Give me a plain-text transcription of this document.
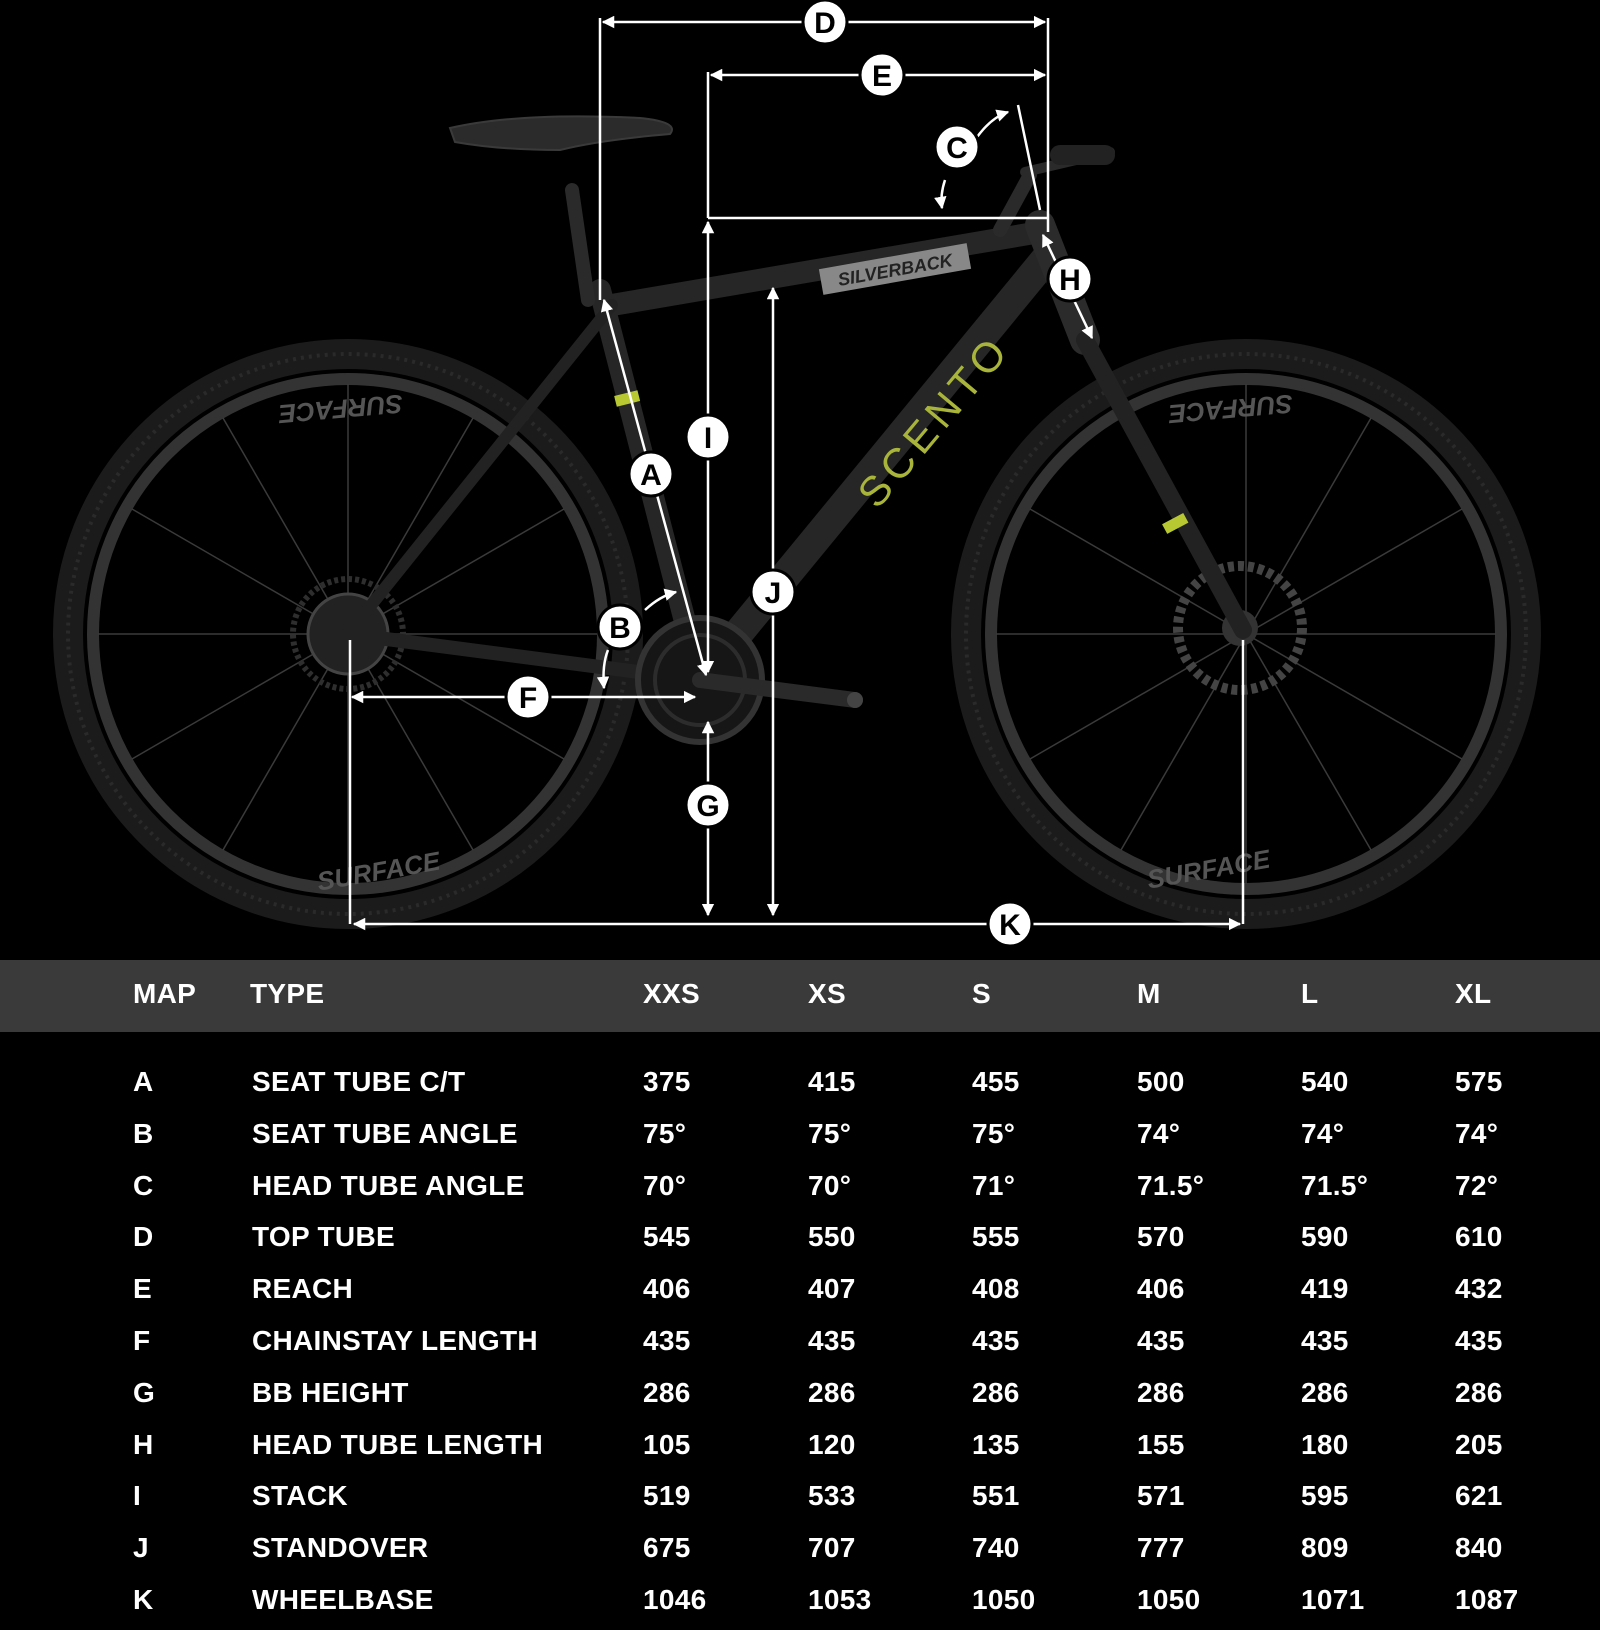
SURFACE
SURFACE
SURFACE
SURFACE
SILVERBACK
SCENTO
D
E
C
H
I
A
J
B
F
G
K
MAP TYPE	XXS	XS	S	M	L	XL
A	SEAT TUBE C/T	375	415	455	500	540	575
B	SEAT TUBE ANGLE	75°	75°	75°	74°	74°	74°
C	HEAD TUBE ANGLE	70°	70°	71°	71.5°	71.5°	72°
D	TOP TUBE	545	550	555	570	590	610
E	REACH	406	407	408	406	419	432
F	CHAINSTAY LENGTH	435	435	435	435	435	435
G	BB HEIGHT	286	286	286	286	286	286
H	HEAD TUBE LENGTH	105	120	135	155	180	205
I	STACK	519	533	551	571	595	621
J	STANDOVER	675	707	740	777	809	840
K	WHEELBASE	1046	1053	1050	1050	1071	1087
